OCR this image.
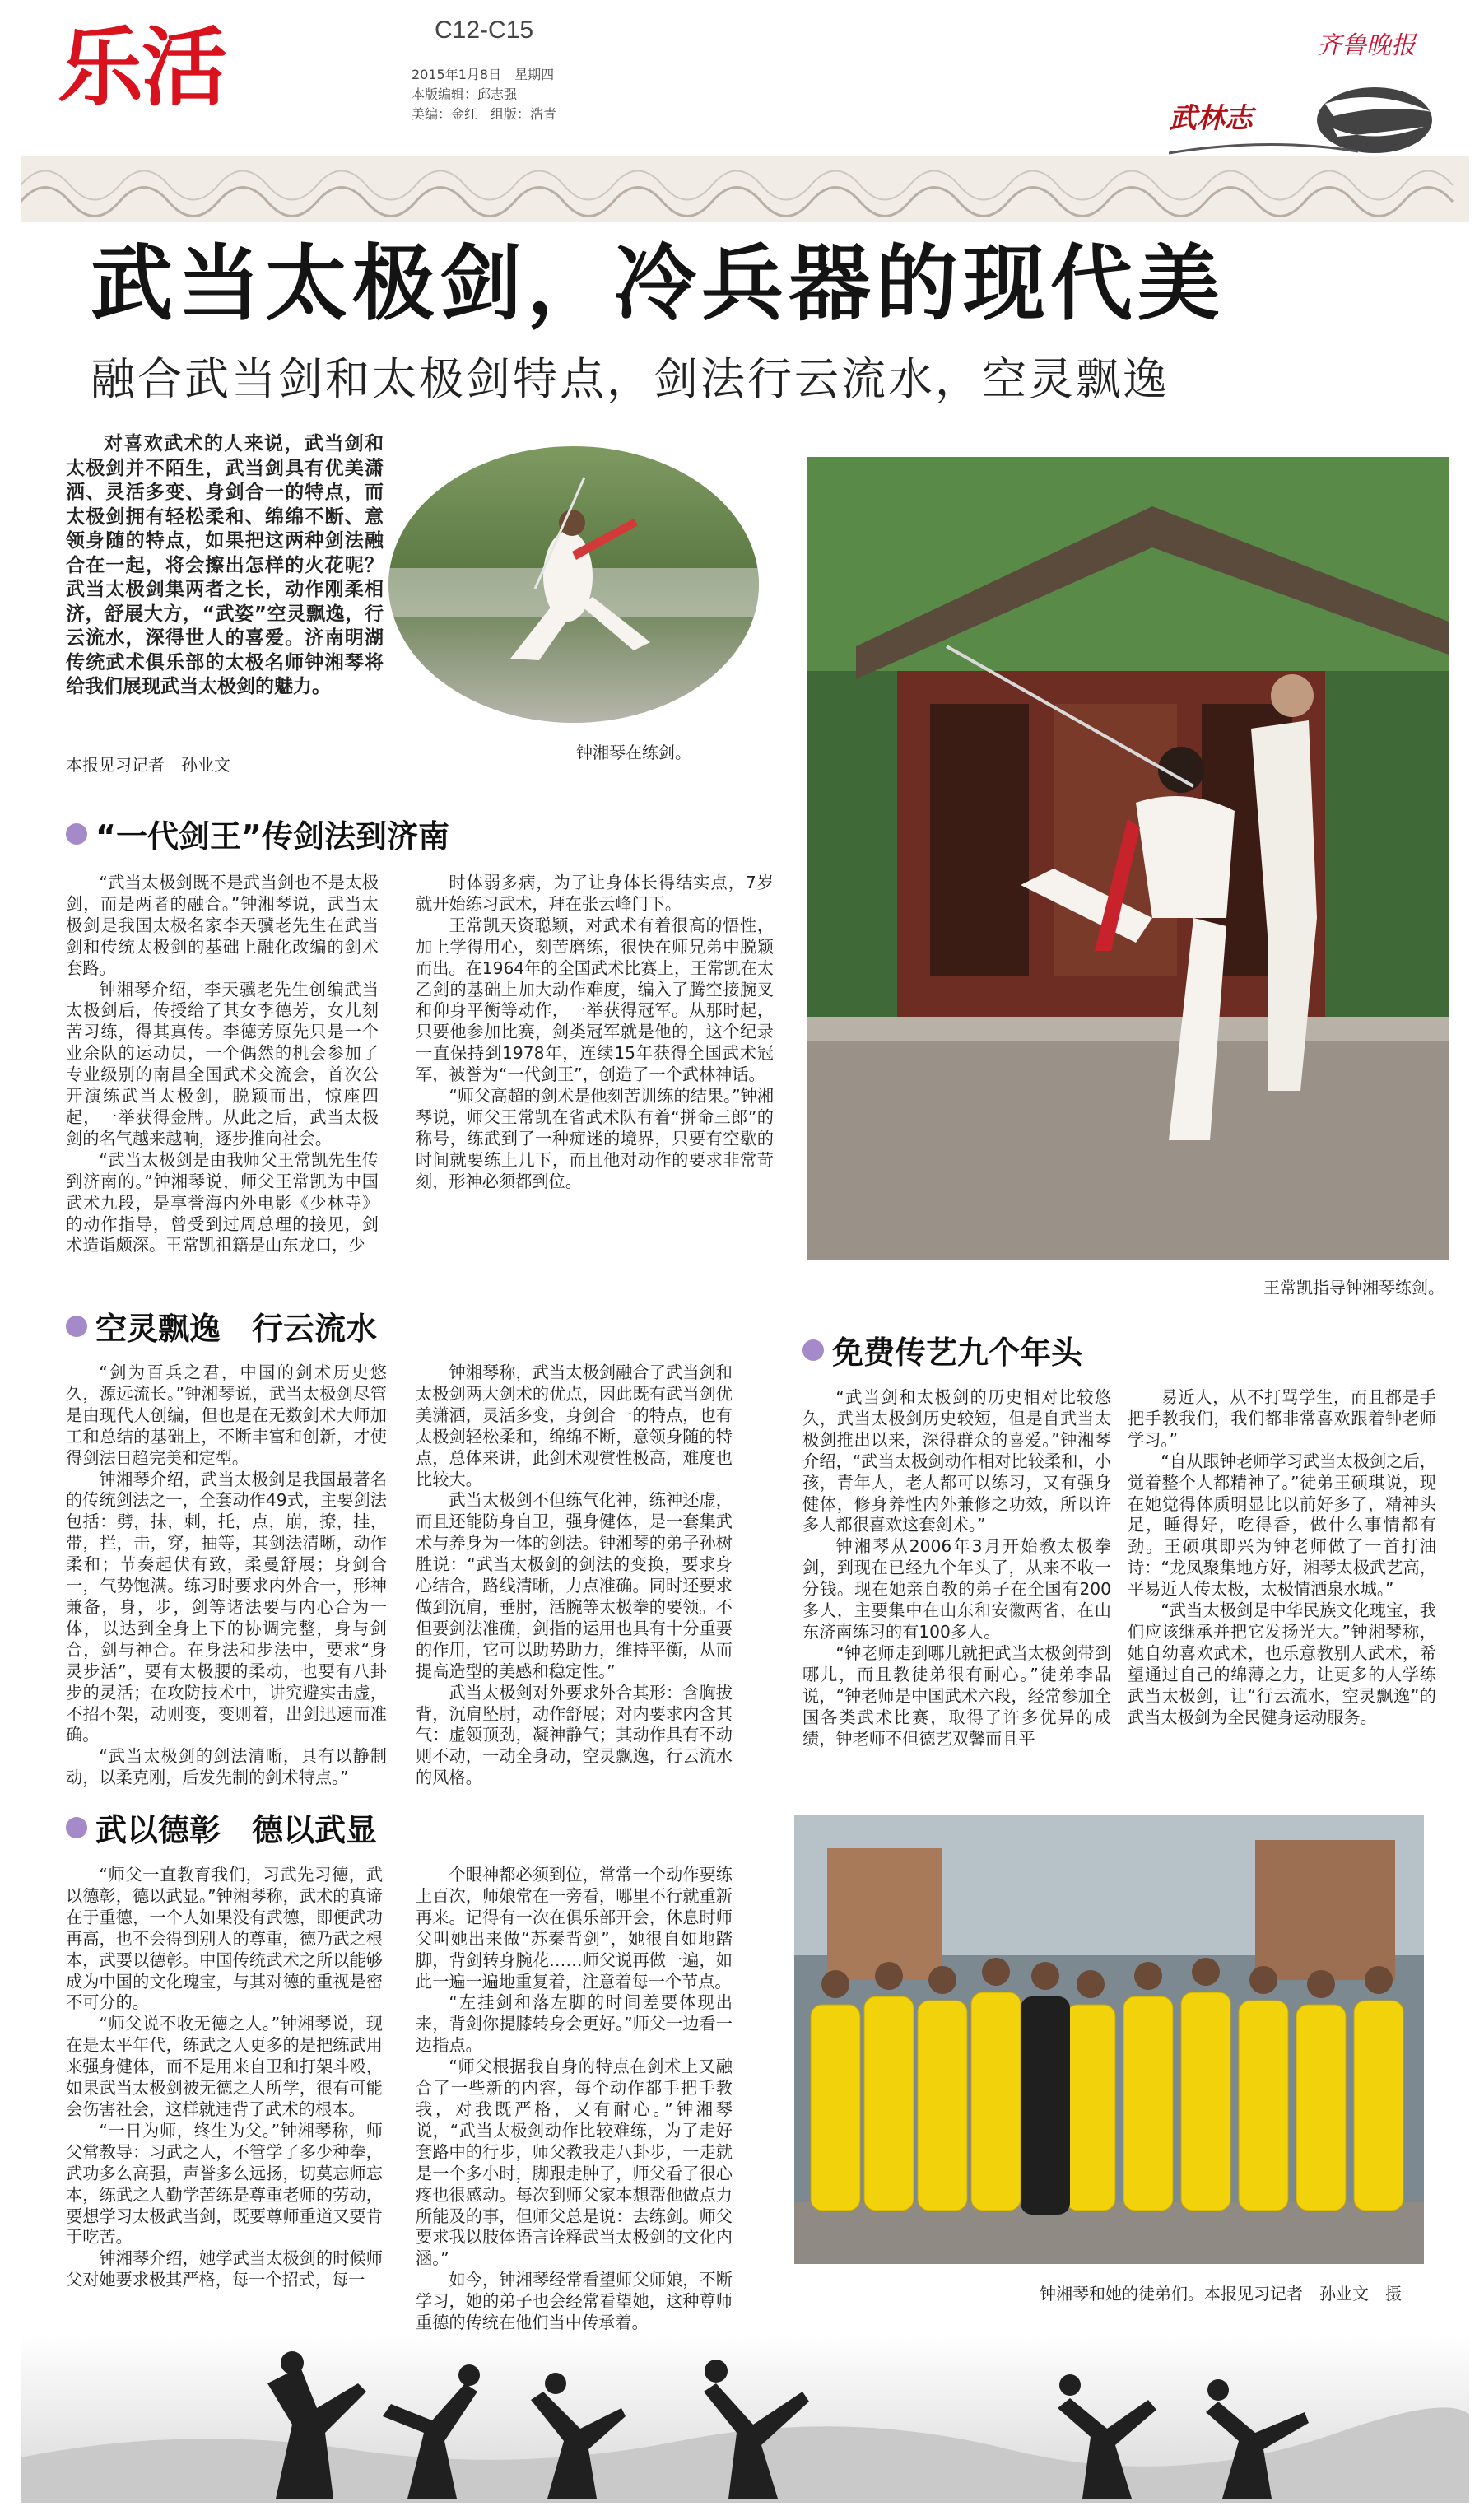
乐活	C12-C15
2015年1月8日　星期四
本版编辑：邱志强
美编：金红　组版：浩青
齐鲁晚报
武林志
武当太极剑，冷兵器的现代美
融合武当剑和太极剑特点，剑法行云流水，空灵飘逸
对喜欢武术的人来说，武当剑和太极剑并不陌生，武当剑具有优美潇洒、灵活多变、身剑合一的特点，而太极剑拥有轻松柔和、绵绵不断、意领身随的特点，如果把这两种剑法融合在一起，将会擦出怎样的火花呢？武当太极剑集两者之长，动作刚柔相济，舒展大方，“武姿”空灵飘逸，行云流水，深得世人的喜爱。济南明湖传统武术俱乐部的太极名师钟湘琴将给我们展现武当太极剑的魅力。
本报见习记者　孙业文
钟湘琴在练剑。
王常凯指导钟湘琴练剑。
“一代剑王”传剑法到济南

“武当太极剑既不是武当剑也不是太极剑，而是两者的融合。”钟湘琴说，武当太极剑是我国太极名家李天骥老先生在武当剑和传统太极剑的基础上融化改编的剑术套路。

钟湘琴介绍，李天骥老先生创编武当太极剑后，传授给了其女李德芳，女儿刻苦习练，得其真传。李德芳原先只是一个业余队的运动员，一个偶然的机会参加了专业级别的南昌全国武术交流会，首次公开演练武当太极剑，脱颖而出，惊座四起，一举获得金牌。从此之后，武当太极剑的名气越来越响，逐步推向社会。

“武当太极剑是由我师父王常凯先生传到济南的。”钟湘琴说，师父王常凯为中国武术九段，是享誉海内外电影《少林寺》的动作指导，曾受到过周总理的接见，剑术造诣颇深。王常凯祖籍是山东龙口，少

时体弱多病，为了让身体长得结实点，7岁就开始练习武术，拜在张云峰门下。

王常凯天资聪颖，对武术有着很高的悟性，加上学得用心，刻苦磨练，很快在师兄弟中脱颖而出。在1964年的全国武术比赛上，王常凯在太乙剑的基础上加大动作难度，编入了腾空接腕叉和仰身平衡等动作，一举获得冠军。从那时起，只要他参加比赛，剑类冠军就是他的，这个纪录一直保持到1978年，连续15年获得全国武术冠军，被誉为“一代剑王”，创造了一个武林神话。

“师父高超的剑术是他刻苦训练的结果。”钟湘琴说，师父王常凯在省武术队有着“拼命三郎”的称号，练武到了一种痴迷的境界，只要有空歇的时间就要练上几下，而且他对动作的要求非常苛刻，形神必须都到位。

空灵飘逸　行云流水

“剑为百兵之君，中国的剑术历史悠久，源远流长。”钟湘琴说，武当太极剑尽管是由现代人创编，但也是在无数剑术大师加工和总结的基础上，不断丰富和创新，才使得剑法日趋完美和定型。

钟湘琴介绍，武当太极剑是我国最著名的传统剑法之一，全套动作49式，主要剑法包括：劈，抹，刺，托，点，崩，撩，挂，带，拦，击，穿，抽等，其剑法清晰，动作柔和；节奏起伏有致，柔曼舒展；身剑合一，气势饱满。练习时要求内外合一，形神兼备，身，步，剑等诸法要与内心合为一体，以达到全身上下的协调完整，身与剑合，剑与神合。在身法和步法中，要求“身灵步活”，要有太极腰的柔动，也要有八卦步的灵活；在攻防技术中，讲究避实击虚，不招不架，动则变，变则着，出剑迅速而准确。

“武当太极剑的剑法清晰，具有以静制动，以柔克刚，后发先制的剑术特点。”

钟湘琴称，武当太极剑融合了武当剑和太极剑两大剑术的优点，因此既有武当剑优美潇洒，灵活多变，身剑合一的特点，也有太极剑轻松柔和，绵绵不断，意领身随的特点，总体来讲，此剑术观赏性极高，难度也比较大。

武当太极剑不但练气化神，练神还虚，而且还能防身自卫，强身健体，是一套集武术与养身为一体的剑法。钟湘琴的弟子孙树胜说：“武当太极剑的剑法的变换，要求身心结合，路线清晰，力点准确。同时还要求做到沉肩，垂肘，活腕等太极拳的要领。不但要剑法准确，剑指的运用也具有十分重要的作用，它可以助势助力，维持平衡，从而提高造型的美感和稳定性。”

武当太极剑对外要求外合其形：含胸拔背，沉肩坠肘，动作舒展；对内要求内含其气：虚领顶劲，凝神静气；其动作具有不动则不动，一动全身动，空灵飘逸，行云流水的风格。

免费传艺九个年头

“武当剑和太极剑的历史相对比较悠久，武当太极剑历史较短，但是自武当太极剑推出以来，深得群众的喜爱。”钟湘琴介绍，“武当太极剑动作相对比较柔和，小孩，青年人，老人都可以练习，又有强身健体，修身养性内外兼修之功效，所以许多人都很喜欢这套剑术。”

钟湘琴从2006年3月开始教太极拳剑，到现在已经九个年头了，从来不收一分钱。现在她亲自教的弟子在全国有200多人，主要集中在山东和安徽两省，在山东济南练习的有100多人。

“钟老师走到哪儿就把武当太极剑带到哪儿，而且教徒弟很有耐心。”徒弟李晶说，“钟老师是中国武术六段，经常参加全国各类武术比赛，取得了许多优异的成绩，钟老师不但德艺双馨而且平

易近人，从不打骂学生，而且都是手把手教我们，我们都非常喜欢跟着钟老师学习。”

“自从跟钟老师学习武当太极剑之后，觉着整个人都精神了。”徒弟王硕琪说，现在她觉得体质明显比以前好多了，精神头足，睡得好，吃得香，做什么事情都有劲。王硕琪即兴为钟老师做了一首打油诗：“龙凤聚集地方好，湘琴太极武艺高，平易近人传太极，太极情洒泉水城。”

“武当太极剑是中华民族文化瑰宝，我们应该继承并把它发扬光大。”钟湘琴称，她自幼喜欢武术，也乐意教别人武术，希望通过自己的绵薄之力，让更多的人学练武当太极剑，让“行云流水，空灵飘逸”的武当太极剑为全民健身运动服务。

武以德彰　德以武显

“师父一直教育我们，习武先习德，武以德彰，德以武显。”钟湘琴称，武术的真谛在于重德，一个人如果没有武德，即便武功再高，也不会得到别人的尊重，德乃武之根本，武要以德彰。中国传统武术之所以能够成为中国的文化瑰宝，与其对德的重视是密不可分的。

“师父说不收无德之人。”钟湘琴说，现在是太平年代，练武之人更多的是把练武用来强身健体，而不是用来自卫和打架斗殴，如果武当太极剑被无德之人所学，很有可能会伤害社会，这样就违背了武术的根本。

“一日为师，终生为父。”钟湘琴称，师父常教导：习武之人，不管学了多少种拳，武功多么高强，声誉多么远扬，切莫忘师忘本，练武之人勤学苦练是尊重老师的劳动，要想学习太极武当剑，既要尊师重道又要肯于吃苦。

钟湘琴介绍，她学武当太极剑的时候师父对她要求极其严格，每一个招式，每一

个眼神都必须到位，常常一个动作要练上百次，师娘常在一旁看，哪里不行就重新再来。记得有一次在俱乐部开会，休息时师父叫她出来做“苏秦背剑”，她很自如地踏脚，背剑转身腕花……师父说再做一遍，如此一遍一遍地重复着，注意着每一个节点。

“左挂剑和落左脚的时间差要体现出来，背剑你提膝转身会更好。”师父一边看一边指点。

“师父根据我自身的特点在剑术上又融合了一些新的内容，每个动作都手把手教我，对我既严格，又有耐心。”钟湘琴说，“武当太极剑动作比较难练，为了走好套路中的行步，师父教我走八卦步，一走就是一个多小时，脚跟走肿了，师父看了很心疼也很感动。每次到师父家本想帮他做点力所能及的事，但师父总是说：去练剑。师父要求我以肢体语言诠释武当太极剑的文化内涵。”

如今，钟湘琴经常看望师父师娘，不断学习，她的弟子也会经常看望她，这种尊师重德的传统在他们当中传承着。

钟湘琴和她的徒弟们。本报见习记者　孙业文　摄
